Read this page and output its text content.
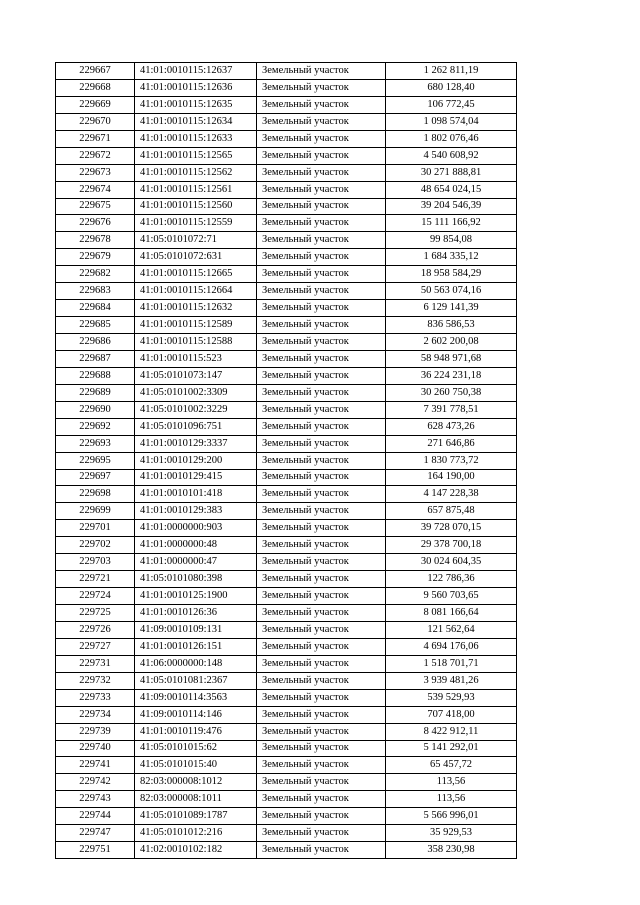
229667	41:01:0010115:12637	Земельный участок	1 262 811,19
229668	41:01:0010115:12636	Земельный участок	680 128,40
229669	41:01:0010115:12635	Земельный участок	106 772,45
229670	41:01:0010115:12634	Земельный участок	1 098 574,04
229671	41:01:0010115:12633	Земельный участок	1 802 076,46
229672	41:01:0010115:12565	Земельный участок	4 540 608,92
229673	41:01:0010115:12562	Земельный участок	30 271 888,81
229674	41:01:0010115:12561	Земельный участок	48 654 024,15
229675	41:01:0010115:12560	Земельный участок	39 204 546,39
229676	41:01:0010115:12559	Земельный участок	15 111 166,92
229678	41:05:0101072:71	Земельный участок	99 854,08
229679	41:05:0101072:631	Земельный участок	1 684 335,12
229682	41:01:0010115:12665	Земельный участок	18 958 584,29
229683	41:01:0010115:12664	Земельный участок	50 563 074,16
229684	41:01:0010115:12632	Земельный участок	6 129 141,39
229685	41:01:0010115:12589	Земельный участок	836 586,53
229686	41:01:0010115:12588	Земельный участок	2 602 200,08
229687	41:01:0010115:523	Земельный участок	58 948 971,68
229688	41:05:0101073:147	Земельный участок	36 224 231,18
229689	41:05:0101002:3309	Земельный участок	30 260 750,38
229690	41:05:0101002:3229	Земельный участок	7 391 778,51
229692	41:05:0101096:751	Земельный участок	628 473,26
229693	41:01:0010129:3337	Земельный участок	271 646,86
229695	41:01:0010129:200	Земельный участок	1 830 773,72
229697	41:01:0010129:415	Земельный участок	164 190,00
229698	41:01:0010101:418	Земельный участок	4 147 228,38
229699	41:01:0010129:383	Земельный участок	657 875,48
229701	41:01:0000000:903	Земельный участок	39 728 070,15
229702	41:01:0000000:48	Земельный участок	29 378 700,18
229703	41:01:0000000:47	Земельный участок	30 024 604,35
229721	41:05:0101080:398	Земельный участок	122 786,36
229724	41:01:0010125:1900	Земельный участок	9 560 703,65
229725	41:01:0010126:36	Земельный участок	8 081 166,64
229726	41:09:0010109:131	Земельный участок	121 562,64
229727	41:01:0010126:151	Земельный участок	4 694 176,06
229731	41:06:0000000:148	Земельный участок	1 518 701,71
229732	41:05:0101081:2367	Земельный участок	3 939 481,26
229733	41:09:0010114:3563	Земельный участок	539 529,93
229734	41:09:0010114:146	Земельный участок	707 418,00
229739	41:01:0010119:476	Земельный участок	8 422 912,11
229740	41:05:0101015:62	Земельный участок	5 141 292,01
229741	41:05:0101015:40	Земельный участок	65 457,72
229742	82:03:000008:1012	Земельный участок	113,56
229743	82:03:000008:1011	Земельный участок	113,56
229744	41:05:0101089:1787	Земельный участок	5 566 996,01
229747	41:05:0101012:216	Земельный участок	35 929,53
229751	41:02:0010102:182	Земельный участок	358 230,98
